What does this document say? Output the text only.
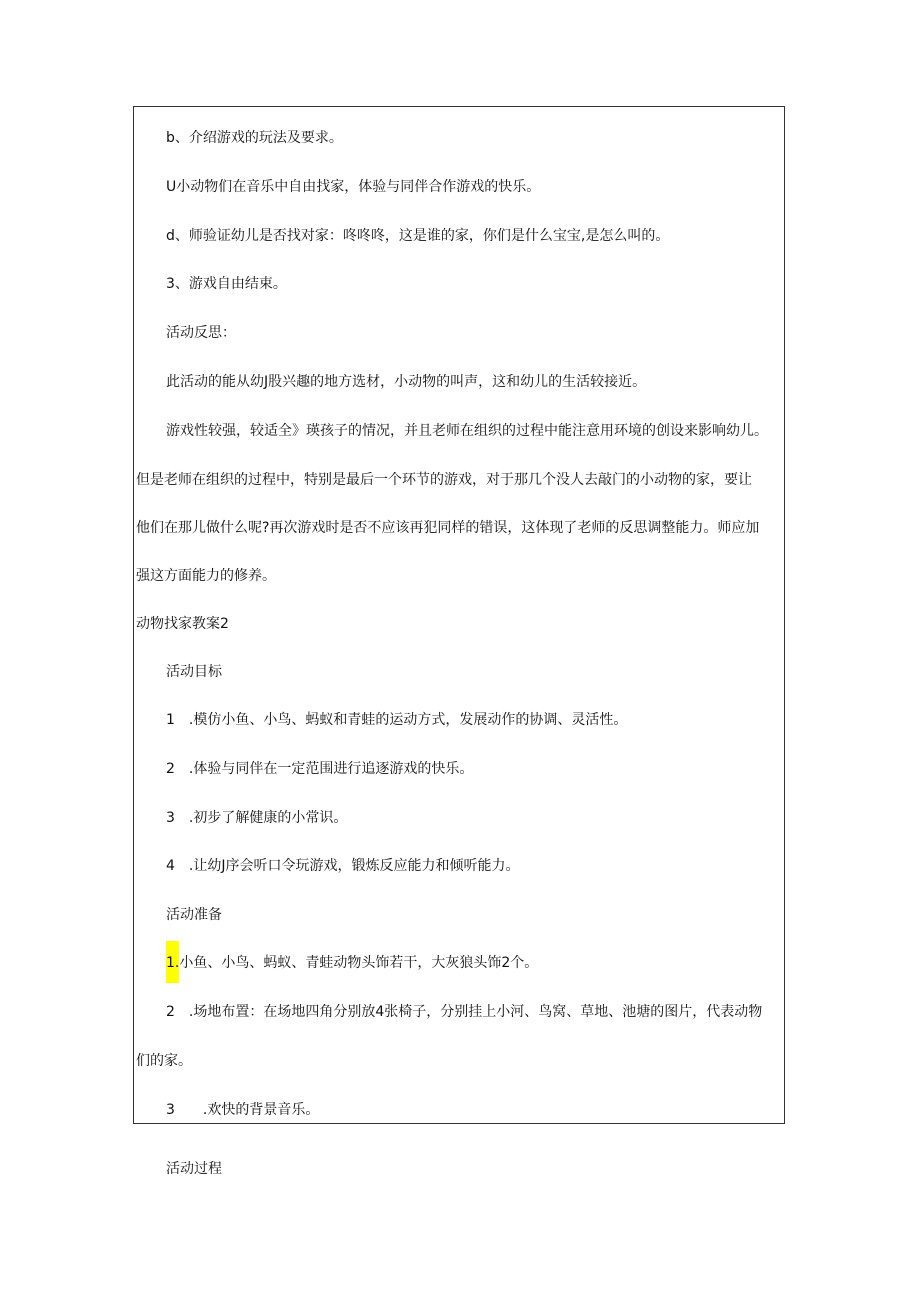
b、介绍游戏的玩法及要求。
U小动物们在音乐中自由找家，体验与同伴合作游戏的快乐。
d、师验证幼儿是否找对家：咚咚咚，这是谁的家，你们是什么宝宝,是怎么叫的。
3、游戏自由结束。
活动反思：
此活动的能从幼J股兴趣的地方选材，小动物的叫声，这和幼儿的生活较接近。
游戏性较强，较适全》瑛孩子的情况，并且老师在组织的过程中能注意用环境的创设来影响幼儿。
但是老师在组织的过程中，特别是最后一个环节的游戏，对于那几个没人去敲门的小动物的家，要让
他们在那儿做什么呢?再次游戏时是否不应该再犯同样的错误，这体现了老师的反思调整能力。师应加
强这方面能力的修养。
动物找家教案2
活动目标
1　.模仿小鱼、小鸟、蚂蚁和青蛙的运动方式，发展动作的协调、灵活性。
2　.体验与同伴在一定范围进行追逐游戏的快乐。
3　.初步了解健康的小常识。
4　.让幼J序会听口令玩游戏，锻炼反应能力和倾听能力。
活动准备
1.小鱼、小鸟、蚂蚁、青蛙动物头饰若干，大灰狼头饰2个。
2　.场地布置：在场地四角分别放4张椅子，分别挂上小河、鸟窝、草地、池塘的图片，代表动物
们的家。
3　　.欢快的背景音乐。
活动过程
